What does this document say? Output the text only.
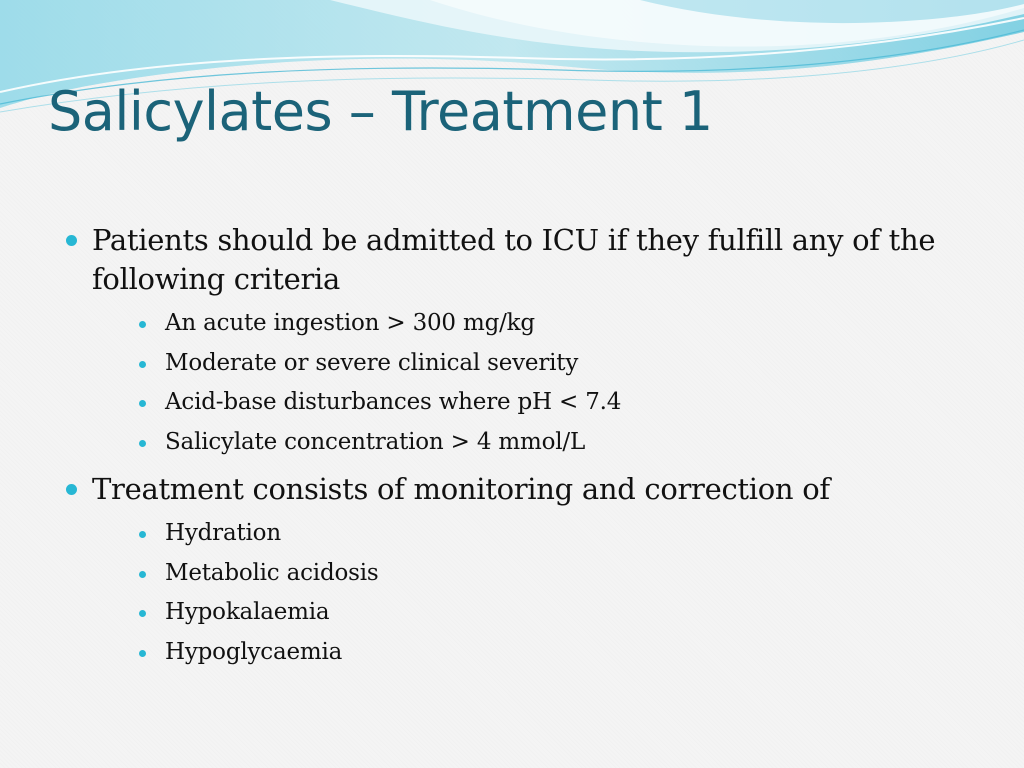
Salicylates – Treatment 1
Patients should be admitted to ICU if they fulfill any of the following criteria
An acute ingestion > 300 mg/kg
Moderate or severe clinical severity
Acid-base disturbances where pH < 7.4
Salicylate concentration > 4 mmol/L
Treatment consists of monitoring and correction of
Hydration
Metabolic acidosis
Hypokalaemia
Hypoglycaemia
